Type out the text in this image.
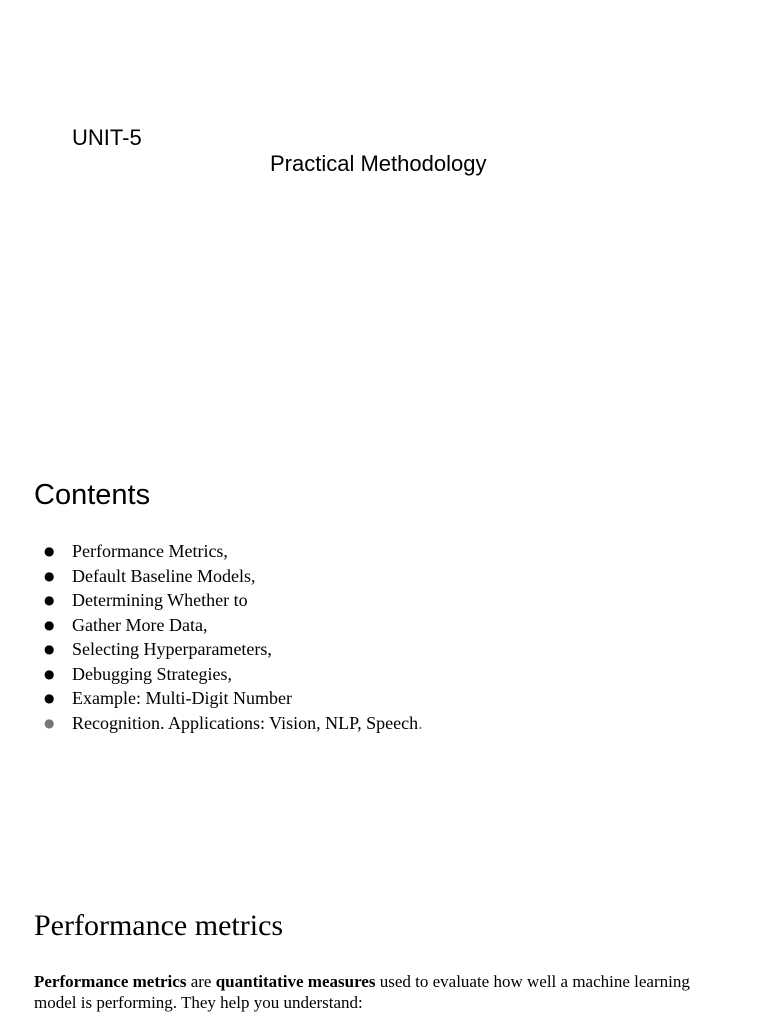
UNIT-5
Practical Methodology
Contents
● Performance Metrics,
● Default Baseline Models,
● Determining Whether to
● Gather More Data,
● Selecting Hyperparameters,
● Debugging Strategies,
● Example: Multi-Digit Number
● Recognition. Applications: Vision, NLP, Speech.
Performance metrics

Performance metrics are quantitative measures used to evaluate how well a machine learning model is performing. They help you understand:
